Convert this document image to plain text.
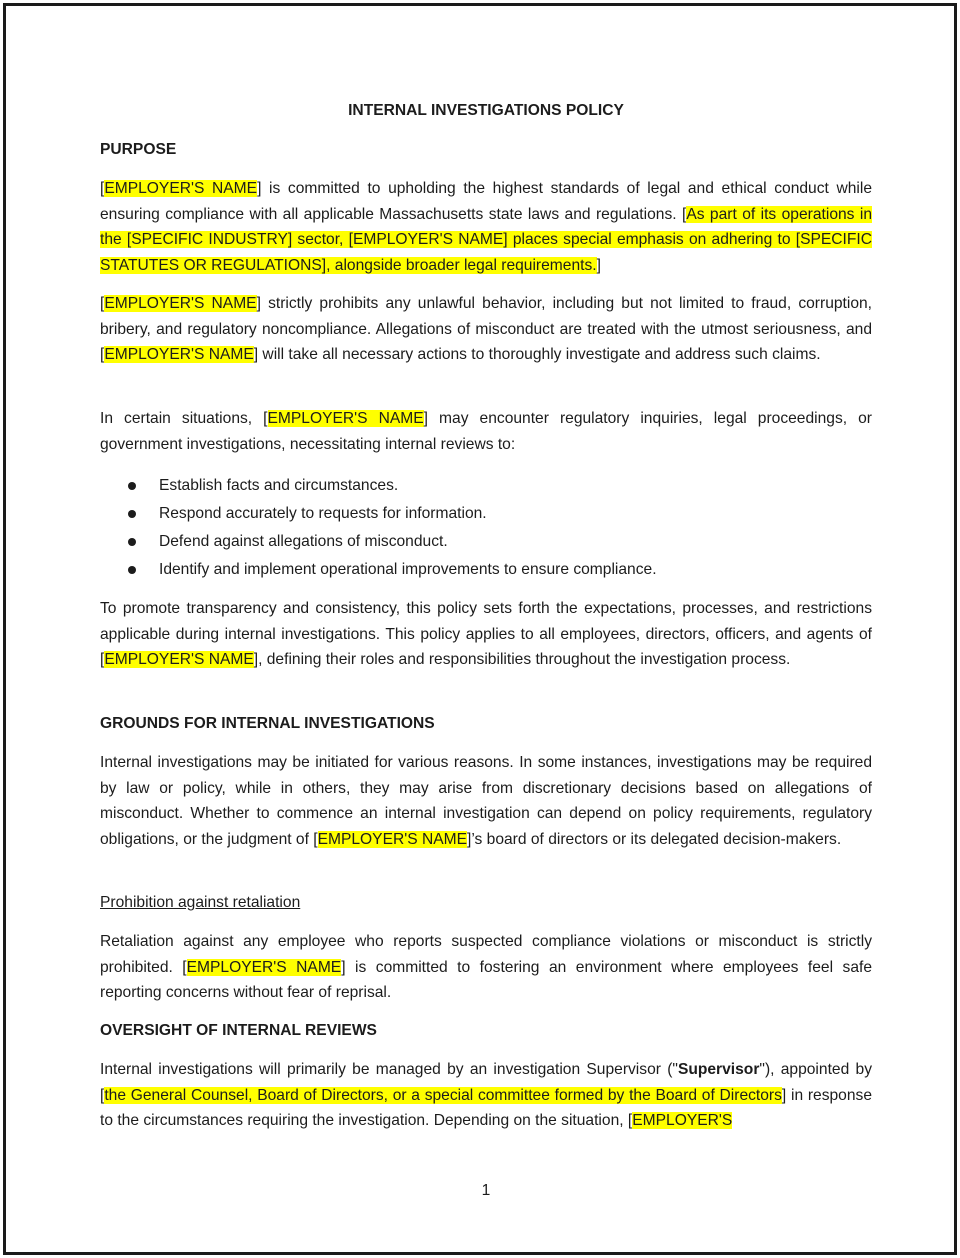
INTERNAL INVESTIGATIONS POLICY
PURPOSE

[EMPLOYER'S NAME] is committed to upholding the highest standards of legal and ethical conduct while ensuring compliance with all applicable Massachusetts state laws and regulations. [As part of its operations in the [SPECIFIC INDUSTRY] sector, [EMPLOYER'S NAME] places special emphasis on adhering to [SPECIFIC STATUTES OR REGULATIONS], alongside broader legal requirements.]

[EMPLOYER'S NAME] strictly prohibits any unlawful behavior, including but not limited to fraud, corruption, bribery, and regulatory noncompliance. Allegations of misconduct are treated with the utmost seriousness, and [EMPLOYER'S NAME] will take all necessary actions to thoroughly investigate and address such claims.

In certain situations, [EMPLOYER'S NAME] may encounter regulatory inquiries, legal proceedings, or government investigations, necessitating internal reviews to:

Establish facts and circumstances.
Respond accurately to requests for information.
Defend against allegations of misconduct.
Identify and implement operational improvements to ensure compliance.

To promote transparency and consistency, this policy sets forth the expectations, processes, and restrictions applicable during internal investigations. This policy applies to all employees, directors, officers, and agents of [EMPLOYER'S NAME], defining their roles and responsibilities throughout the investigation process.

GROUNDS FOR INTERNAL INVESTIGATIONS

Internal investigations may be initiated for various reasons. In some instances, investigations may be required by law or policy, while in others, they may arise from discretionary decisions based on allegations of misconduct. Whether to commence an internal investigation can depend on policy requirements, regulatory obligations, or the judgment of [EMPLOYER'S NAME]’s board of directors or its delegated decision-makers.

Prohibition against retaliation

Retaliation against any employee who reports suspected compliance violations or misconduct is strictly prohibited. [EMPLOYER'S NAME] is committed to fostering an environment where employees feel safe reporting concerns without fear of reprisal.

OVERSIGHT OF INTERNAL REVIEWS

Internal investigations will primarily be managed by an investigation Supervisor ("Supervisor"), appointed by [the General Counsel, Board of Directors, or a special committee formed by the Board of Directors] in response to the circumstances requiring the investigation. Depending on the situation, [EMPLOYER'S

1
